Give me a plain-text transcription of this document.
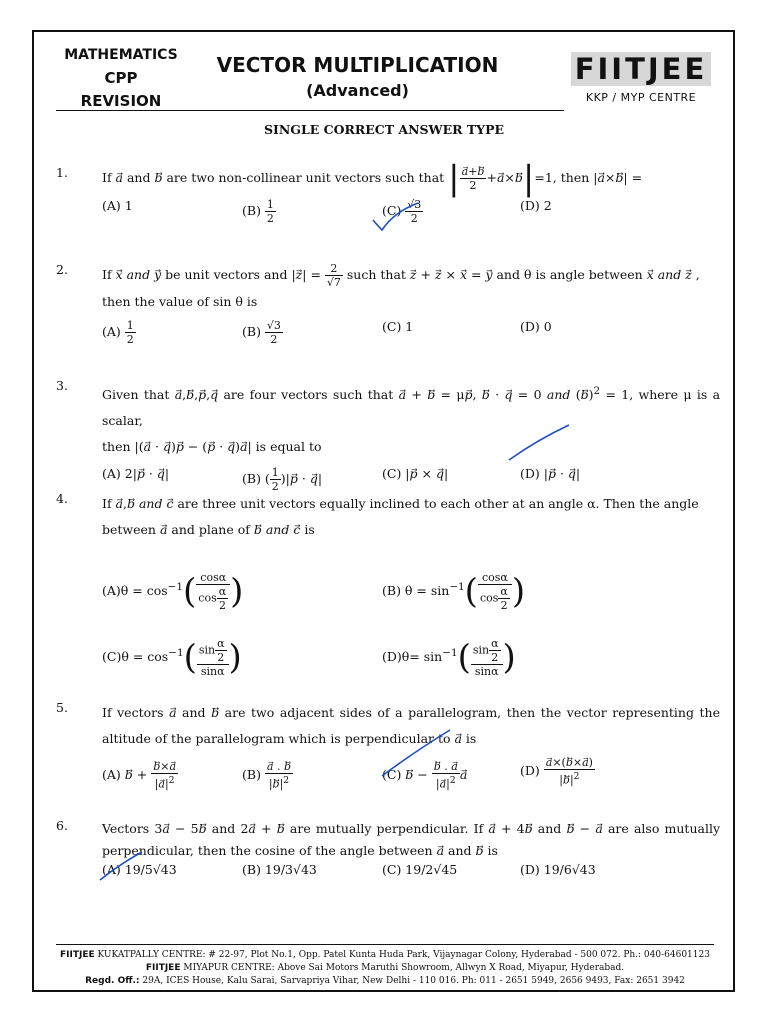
MATHEMATICS
CPP
REVISION
VECTOR MULTIPLICATION
(Advanced)
FIITJEE
KKP / MYP CENTRE
SINGLE CORRECT ANSWER TYPE
1.	If a⃗ and b⃗ are two non-collinear unit vectors such that | $\frac{a⃗+b}{2}$ +a⃗×b|=1, then |a⃗×b⃗| =
(A) 1	$(B) \frac{1}{2}$	$(C) \frac{√3}{2}$	(D) 2
2.	If x⃗ and y⃗ be unit vectors and |z⃗| = $\frac{2}{√7}$ such that z⃗ + z⃗ × x⃗ = y⃗ and θ is angle between x⃗ and z⃗ ,
then the value of sin θ is
$(A) \frac{1}{2}$	$(B) \frac{√3}{2}$	(C) 1	(D) 0
3.
Given that a⃗,b⃗,p⃗,q⃗ are four vectors such that a⃗ + b⃗ = μp⃗, b⃗ · q⃗ = 0 and (b⃗)$^2$ = 1, where μ is a scalar,
then |(a⃗ · q⃗)p⃗ − (p⃗ · q⃗)a⃗| is equal to
(A) 2|p⃗ · q⃗|	(B) ( $\frac{1}{2}$ )|p⃗ · q⃗|	(C) |p⃗ × q⃗|	(D) |p⃗ · q⃗|
4.	If a⃗,b⃗ and c⃗ are three unit vectors equally inclined to each other at an angle α. Then the angle
between a⃗ and plane of b⃗ and c⃗ is
$(A)\theta = \cos^{-1}( \frac{\cos\alpha}{\cos \frac{\alpha}{2}}$ )	(B) $\theta = \sin^{-1}( \frac{\cos\alpha}{\cos \frac{\alpha}{2}}$ )
$(C)\theta = \cos^{-1}( \frac{\sin \frac{\alpha}{2}}{\sin\alpha}$ )	$(D)\theta= \sin^{-1}( \frac{\sin \frac{\alpha}{2}}{\sin\alpha}$ )
5.	If vectors a⃗ and b⃗ are two adjacent sides of a parallelogram, then the vector representing the altitude of the parallelogram which is perpendicular to a⃗ is
(A) b⃗ + $\frac{b⃗\times a}{|a⃗|^2}$	$(B) \frac{a⃗ . b}{|b⃗|^2}$	(C) b⃗ − $\frac{b⃗ . a}{|a⃗|^2}$ a	$(D) \frac{a⃗\times(b⃗\times a⃗)}{|b⃗|^2}$
6.	Vectors 3a⃗ − 5b⃗ and 2a⃗ + b⃗ are mutually perpendicular. If a⃗ + 4b⃗ and b⃗ − a⃗ are also mutually perpendicular, then the cosine of the angle between a⃗ and b⃗ is
(A) 19/5√43	(B) 19/3√43	(C) 19/2√45	(D) 19/6√43
FIITJEE KUKATPALLY CENTRE: # 22-97, Plot No.1, Opp. Patel Kunta Huda Park, Vijaynagar Colony, Hyderabad - 500 072. Ph.: 040-64601123
FIITJEE MIYAPUR CENTRE: Above Sai Motors Maruthi Showroom, Allwyn X Road, Miyapur, Hyderabad.
Regd. Off.: 29A, ICES House, Kalu Sarai, Sarvapriya Vihar, New Delhi - 110 016. Ph: 011 - 2651 5949, 2656 9493, Fax: 2651 3942
